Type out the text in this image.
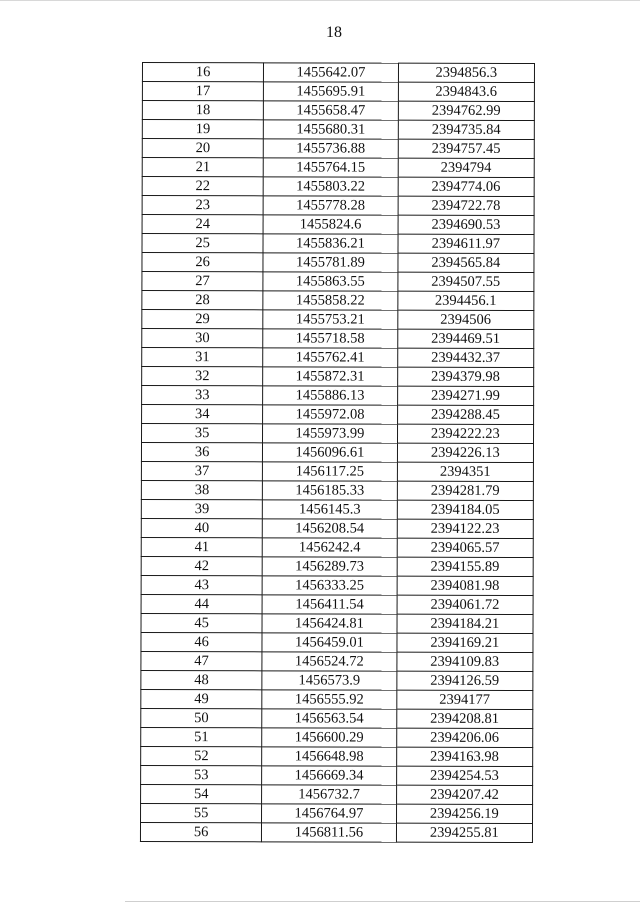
18
16	1455642.07	2394856.3
17	1455695.91	2394843.6
18	1455658.47	2394762.99
19	1455680.31	2394735.84
20	1455736.88	2394757.45
21	1455764.15	2394794
22	1455803.22	2394774.06
23	1455778.28	2394722.78
24	1455824.6	2394690.53
25	1455836.21	2394611.97
26	1455781.89	2394565.84
27	1455863.55	2394507.55
28	1455858.22	2394456.1
29	1455753.21	2394506
30	1455718.58	2394469.51
31	1455762.41	2394432.37
32	1455872.31	2394379.98
33	1455886.13	2394271.99
34	1455972.08	2394288.45
35	1455973.99	2394222.23
36	1456096.61	2394226.13
37	1456117.25	2394351
38	1456185.33	2394281.79
39	1456145.3	2394184.05
40	1456208.54	2394122.23
41	1456242.4	2394065.57
42	1456289.73	2394155.89
43	1456333.25	2394081.98
44	1456411.54	2394061.72
45	1456424.81	2394184.21
46	1456459.01	2394169.21
47	1456524.72	2394109.83
48	1456573.9	2394126.59
49	1456555.92	2394177
50	1456563.54	2394208.81
51	1456600.29	2394206.06
52	1456648.98	2394163.98
53	1456669.34	2394254.53
54	1456732.7	2394207.42
55	1456764.97	2394256.19
56	1456811.56	2394255.81
